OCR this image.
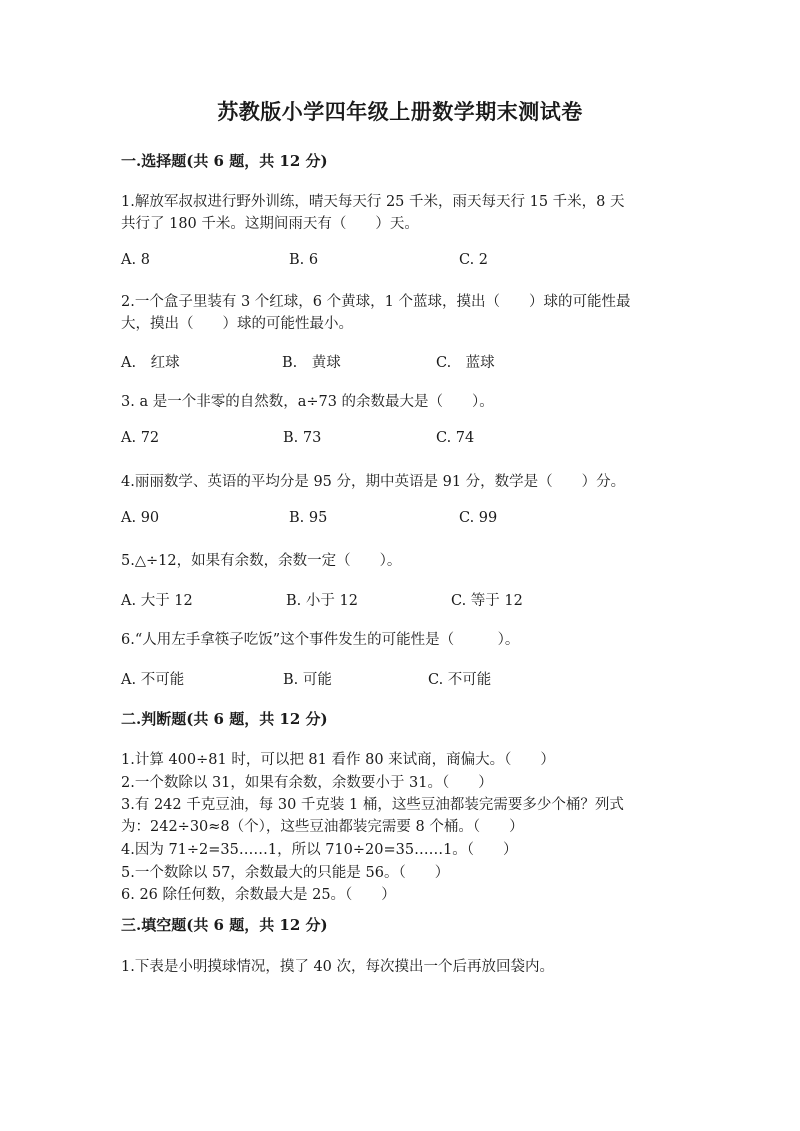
苏教版小学四年级上册数学期末测试卷
一.选择题(共 6 题，共 12 分)
1.解放军叔叔进行野外训练，晴天每天行 25 千米，雨天每天行 15 千米，8 天
共行了 180 千米。这期间雨天有（　　）天。
A. 8	B. 6	C. 2
2.一个盒子里装有 3 个红球，6 个黄球，1 个蓝球，摸出（　　）球的可能性最
大，摸出（　　）球的可能性最小。
A.　红球	B.　黄球	C.　蓝球
3. a 是一个非零的自然数，a÷73 的余数最大是（　　）。
A. 72	B. 73	C. 74
4.丽丽数学、英语的平均分是 95 分，期中英语是 91 分，数学是（　　）分。
A. 90	B. 95	C. 99
5.△÷12，如果有余数，余数一定（　　）。
A. 大于 12	B. 小于 12	C. 等于 12
6.“人用左手拿筷子吃饭”这个事件发生的可能性是（　　　）。
A. 不可能	B. 可能	C. 不可能
二.判断题(共 6 题，共 12 分)
1.计算 400÷81 时，可以把 81 看作 80 来试商，商偏大。（　　）
2.一个数除以 31，如果有余数，余数要小于 31。（　　）
3.有 242 千克豆油，每 30 千克装 1 桶，这些豆油都装完需要多少个桶？列式
为：242÷30≈8（个），这些豆油都装完需要 8 个桶。（　　）
4.因为 71÷2=35……1，所以 710÷20=35……1。（　　）
5.一个数除以 57，余数最大的只能是 56。（　　）
6. 26 除任何数，余数最大是 25。（　　）
三.填空题(共 6 题，共 12 分)
1.下表是小明摸球情况，摸了 40 次，每次摸出一个后再放回袋内。
